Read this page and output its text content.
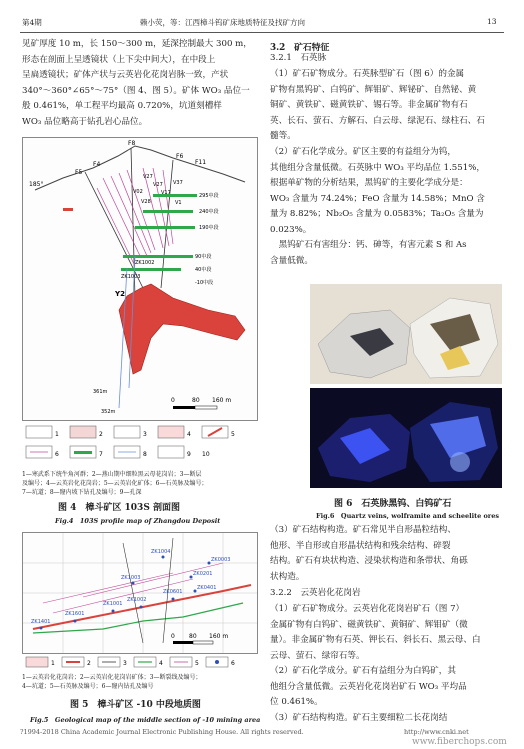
第4期	赖小荧，等：江西樟斗钨矿床地质特征及找矿方向	13
见矿厚度 10 m，长 150～300 m，延深控制最大 300 m，
形态在剖面上呈透镜状（上下尖中间大），在中段上
呈扁透镜状；矿体产状与云英岩化花岗岩脉一致，产状
340°～360°∠65°～75°（图 4、图 5）。矿体 WO₃ 品位一
般 0.461%，单工程平均最高 0.720%，坑道刻槽样
WO₃ 品位略高于钻孔岩心品位。
F8
F4
F5
F6
F11
185°
V27
V27 V37
V17
V02
V28	V1
295中段
240中段
190中段
90中段
40中段
-10中段
ZK1002
ZK1003
Y2
361m
352m
0	80 160 m
1	2	3	4	5
6	7	8	9 10
1—寒武系下统牛角河群；2—燕山期中细粒黑云母花岗岩；3—断层
及编号；4—云英岩化花岗岩；5—云英岩化矿体；6—石英脉及编号；
7—坑道；8—窿内坡下钻孔及编号；9—孔深
图 4　樟斗矿区 103S 剖面图
Fig.4　103S profile map of Zhangdou Deposit
ZK1401
ZK1601
ZK1001
ZK1002
ZK0601
ZK0201
ZK0401
ZK0003
ZK1004
ZK1003
0 80 160 m
1	2	3	4	5	6
1—云英岩化花岗岩；2—云英岩化花岗岩矿体；3—断裂线及编号；
4—坑道；5—石英脉及编号；6—窿内钻孔及编号
图 5　樟斗矿区 -10 中段地质图
Fig.5　Geological map of the middle section of -10 mining area
3.2　矿石特征
3.2.1　石英脉
（1）矿石矿物成分。石英脉型矿石（图 6）的金属
矿物有黑钨矿、白钨矿、辉钼矿、辉铋矿、自然铋、黄
铜矿、黄铁矿、磁黄铁矿、锡石等。非金属矿物有石
英、长石、萤石、方解石、白云母、绿泥石、绿柱石、石
髓等。
（2）矿石化学成分。矿区主要的有益组分为钨，
其他组分含量低微。石英脉中 WO₃ 平均品位 1.551%，
根据单矿物的分析结果，黑钨矿的主要化学成分是：
WO₃ 含量为 74.24%；FeO 含量为 14.58%；MnO 含
量为 8.82%；Nb₂O₅ 含量为 0.0583%；Ta₂O₅ 含量为
0.023%。
　黑钨矿石有害组分：钙、砷等，有害元素 S 和 As
含量低微。
图 6　石英脉黑钨、白钨矿石
Fig.6　Quartz veins, wolframite and scheelite ores
（3）矿石结构构造。矿石常见半自形晶粒结构、
他形、半自形或自形晶状结构和残余结构、碎裂
结构。矿石有块状构造、浸染状构造和条带状、角砾
状构造。
3.2.2　云英岩化花岗岩
（1）矿石矿物成分。云英岩化花岗岩矿石（图 7）
金属矿物有白钨矿、磁黄铁矿、黄铜矿、辉钼矿（微
量）。非金属矿物有石英、钾长石、斜长石、黑云母、白
云母、萤石、绿帘石等。
（2）矿石化学成分。矿石有益组分为白钨矿，其
他组分含量低微。云英岩化花岗岩矿石 WO₃ 平均品
位 0.461%。
（3）矿石结构构造。矿石主要细粒二长花岗结
?1994-2018 China Academic Journal Electronic Publishing House. All rights reserved.	http://www.cnki.net
www.fiberchops.com
